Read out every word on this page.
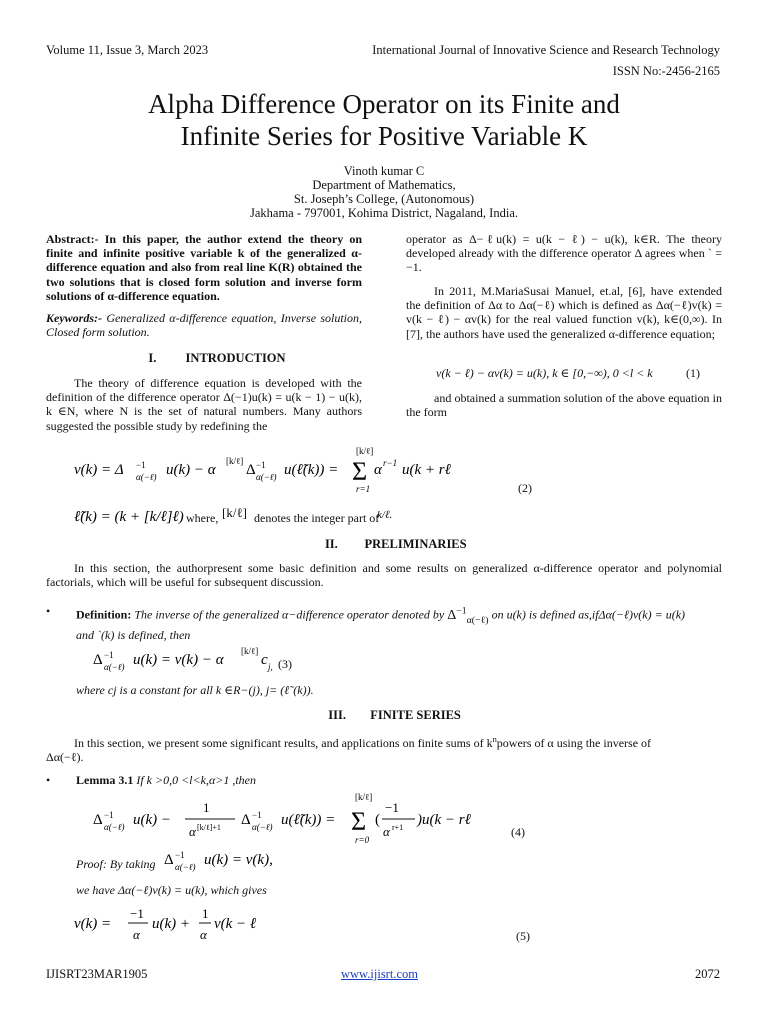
Volume 11, Issue 3, March 2023	International Journal of Innovative Science and Research Technology
ISSN No:-2456-2165
Alpha Difference Operator on its Finite and
Infinite Series for Positive Variable K
Vinoth kumar C
Department of Mathematics,
St. Joseph’s College, (Autonomous)
Jakhama - 797001, Kohima District, Nagaland, India.
Abstract:- In this paper, the author extend the theory on finite and infinite positive variable k of the generalized α-difference equation and also from real line K(R) obtained the two solutions that is closed form solution and inverse form solutions of α-difference equation.
Keywords:- Generalized α-difference equation, Inverse solution, Closed form solution.
I. INTRODUCTION
The theory of difference equation is developed with the definition of the difference operator Δ(−1)u(k) = u(k − 1) − u(k), k ∈N, where N is the set of natural numbers. Many authors suggested the possible study by redefining the
operator as Δ−ℓu(k) = u(k − ℓ) − u(k), k∈R. The theory developed already with the difference operator Δ agrees when ` = −1.
In 2011, M.MariaSusai Manuel, et.al, [6], have extended the definition of Δα to Δα(−ℓ) which is defined as Δα(−ℓ)v(k) = v(k − ℓ) − αv(k) for the real valued function v(k), k∈(0,∞). In [7], the authors have used the generalized α-difference equation;
v(k − ℓ) − αv(k) = u(k), k ∈ [0,−∞), 0 <l < k	(1)
and obtained a summation solution of the above equation in the form
v(k) = Δ −1
α(−ℓ) u(k) − α
[k/ℓ]
Δ −1
α(−ℓ) u(ℓ̃(k)) =
[k/ℓ]
Σ
r=1
α r−1 u(k + rℓ
(2)
ℓ̃(k) = (k + [k/ℓ]ℓ) where, [k/ℓ] denotes the integer part of
k/ℓ.
II. PRELIMINARIES
In this section, the authorpresent some basic definition and some results on generalized α-difference operator and polynomial factorials, which will be useful for subsequent discussion.
• Definition: The inverse of the generalized α−difference operator denoted by $\Delta^{-1}_{\alpha(-\ell)}$ on u(k) is defined as,ifΔα(−ℓ)v(k) = u(k)
and `(k) is defined, then
Δ −1
α(−ℓ) u(k) = v(k) − α
[k/ℓ]
c j, (3)
where cj is a constant for all k ∈R−(j), j= (ℓ˜(k)).
III. FINITE SERIES
In this section, we present some significant results, and applications on finite sums of $k^npowers$ of α using the inverse of
Δα(−ℓ).
• Lemma 3.1 If k >0,0 <l<k,α>1 ,then
Δ −1
α(−ℓ) u(k) −
1
α [k/ℓ]+1 Δ −1
α(−ℓ) u(ℓ̃(k)) =
[k/ℓ]
Σ
r=0
(
−1
α r+1 )u(k − rℓ
(4)
Proof: By taking Δ −1
α(−ℓ) u(k) = v(k),
we have Δα(−ℓ)v(k) = u(k), which gives
v(k) =
−1
α
u(k) +
1
α
v(k − ℓ
(5)
IJISRT23MAR1905	www.ijisrt.com	2072
